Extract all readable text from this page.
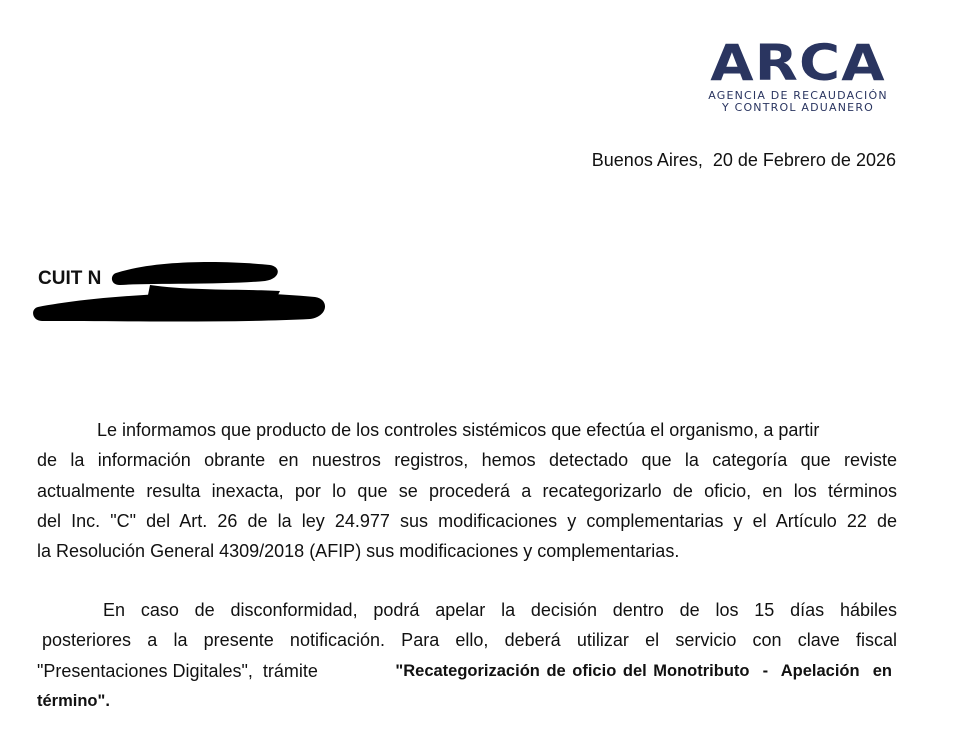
ARCA
AGENCIA DE RECAUDACIÓN
Y CONTROL ADUANERO
Buenos Aires,  20 de Febrero de 2026
CUIT N
Le informamos que producto de los controles sistémicos que efectúa el organismo, a partir
de la información obrante en nuestros registros, hemos detectado que la categoría que reviste
actualmente resulta inexacta, por lo que se procederá a recategorizarlo de oficio, en los términos
del Inc. "C" del Art. 26 de la ley 24.977 sus modificaciones y complementarias y el Artículo 22 de
la Resolución General 4309/2018 (AFIP) sus modificaciones y complementarias.
En caso de disconformidad, podrá apelar la decisión dentro de los 15 días hábiles
posteriores a la presente notificación. Para ello, deberá utilizar el servicio con clave fiscal
"Presentaciones Digitales",  trámite	"Recategorización de oficio del Monotributo  -  Apelación  en
término".
